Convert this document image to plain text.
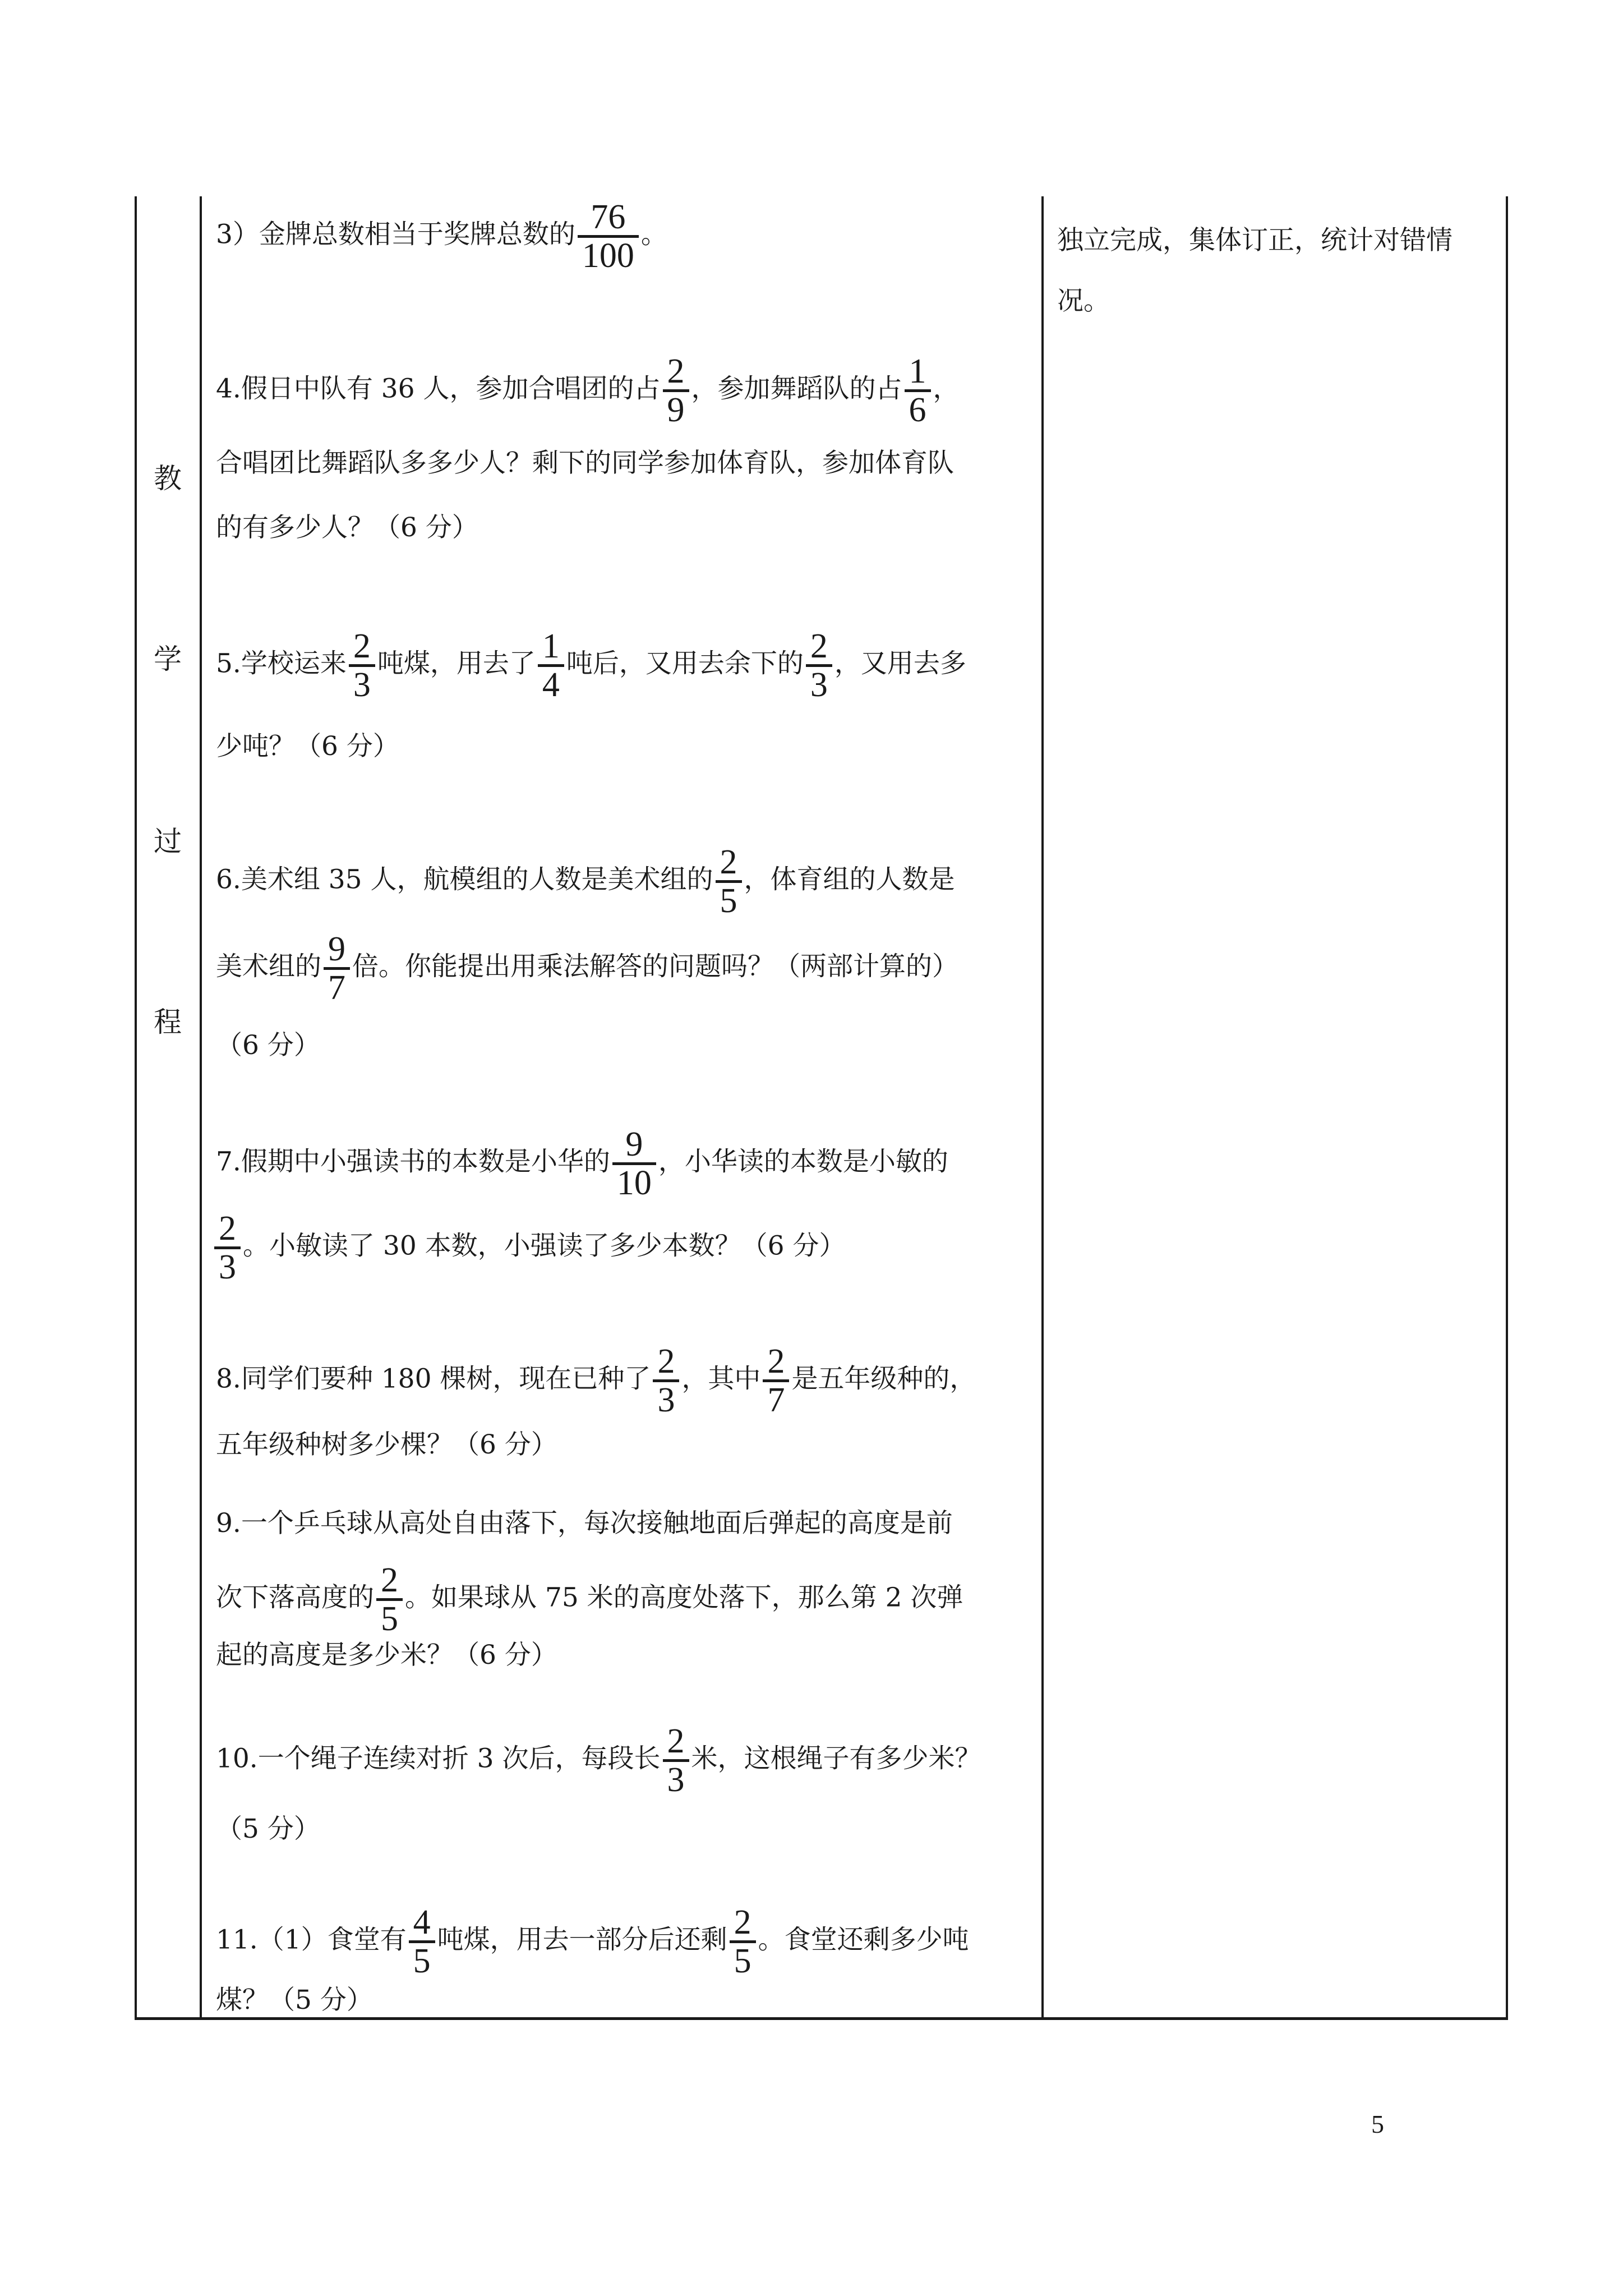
教
学
过
程
3）金牌总数相当于奖牌总数的 $\frac{76}{100}$ 。
4.假日中队有 36 人，参加合唱团的占 $\frac{2}{9}$ ，参加舞蹈队的占 $\frac{1}{6}$ ，
合唱团比舞蹈队多多少人？剩下的同学参加体育队，参加体育队
的有多少人？（6 分）
5.学校运来 $\frac{2}{3}$ 吨煤，用去了 $\frac{1}{4}$ 吨后，又用去余下的 $\frac{2}{3}$ ，又用去多
少吨？（6 分）
6.美术组 35 人，航模组的人数是美术组的 $\frac{2}{5}$ ，体育组的人数是
美术组的 $\frac{9}{7}$ 倍。你能提出用乘法解答的问题吗？（两部计算的）
（6 分）
7.假期中小强读书的本数是小华的 $\frac{9}{10}$ ，小华读的本数是小敏的
$\frac{2}{3}$ 。小敏读了 30 本数，小强读了多少本数？（6 分）
8.同学们要种 180 棵树，现在已种了 $\frac{2}{3}$ ，其中 $\frac{2}{7}$ 是五年级种的，
五年级种树多少棵？（6 分）
9.一个乒乓球从高处自由落下，每次接触地面后弹起的高度是前
次下落高度的 $\frac{2}{5}$ 。如果球从 75 米的高度处落下，那么第 2 次弹
起的高度是多少米？（6 分）
10.一个绳子连续对折 3 次后，每段长 $\frac{2}{3}$ 米，这根绳子有多少米？
（5 分）
11.（1）食堂有 $\frac{4}{5}$ 吨煤，用去一部分后还剩 $\frac{2}{5}$ 。食堂还剩多少吨
煤？（5 分）
独立完成，集体订正，统计对错情况。
5
